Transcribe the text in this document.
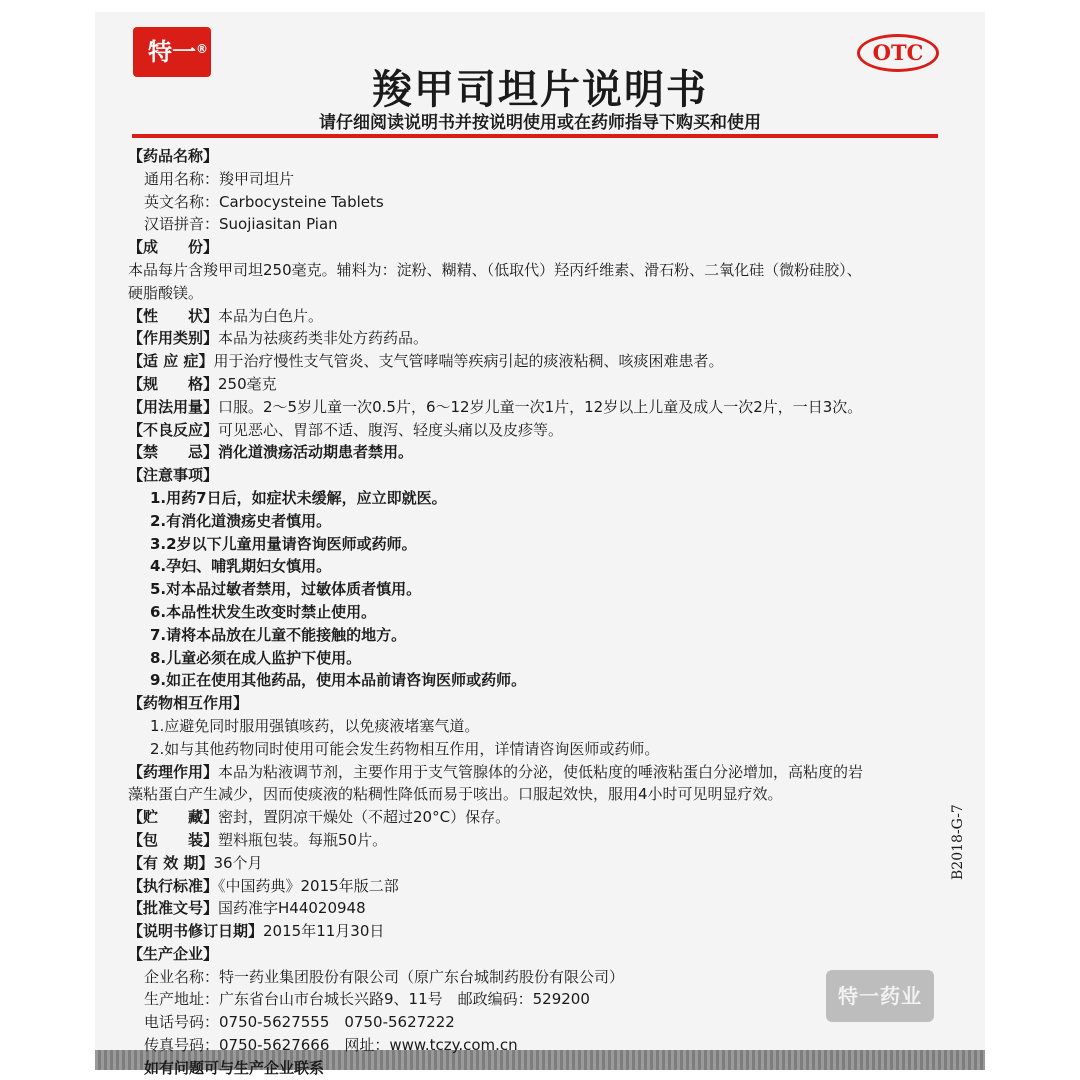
特一 ®	OTC
羧甲司坦片说明书
请仔细阅读说明书并按说明使用或在药师指导下购买和使用
【药品名称】
通用名称：羧甲司坦片
英文名称：Carbocysteine Tablets
汉语拼音：Suojiasitan Pian
【成　　份】
本品每片含羧甲司坦250毫克。辅料为：淀粉、糊精、（低取代）羟丙纤维素、滑石粉、二氧化硅（微粉硅胶）、
硬脂酸镁。
【性　　状】本品为白色片。
【作用类别】本品为祛痰药类非处方药药品。
【适 应 症】用于治疗慢性支气管炎、支气管哮喘等疾病引起的痰液粘稠、咳痰困难患者。
【规　　格】250毫克
【用法用量】口服。2～5岁儿童一次0.5片，6～12岁儿童一次1片，12岁以上儿童及成人一次2片，一日3次。
【不良反应】可见恶心、胃部不适、腹泻、轻度头痛以及皮疹等。
【禁　　忌】消化道溃疡活动期患者禁用。
【注意事项】
1.用药7日后，如症状未缓解，应立即就医。
2.有消化道溃疡史者慎用。
3.2岁以下儿童用量请咨询医师或药师。
4.孕妇、哺乳期妇女慎用。
5.对本品过敏者禁用，过敏体质者慎用。
6.本品性状发生改变时禁止使用。
7.请将本品放在儿童不能接触的地方。
8.儿童必须在成人监护下使用。
9.如正在使用其他药品，使用本品前请咨询医师或药师。
【药物相互作用】
1.应避免同时服用强镇咳药，以免痰液堵塞气道。
2.如与其他药物同时使用可能会发生药物相互作用，详情请咨询医师或药师。
【药理作用】本品为粘液调节剂，主要作用于支气管腺体的分泌，使低粘度的唾液粘蛋白分泌增加，高粘度的岩
藻粘蛋白产生减少，因而使痰液的粘稠性降低而易于咳出。口服起效快，服用4小时可见明显疗效。
【贮　　藏】密封，置阴凉干燥处（不超过20°C）保存。
【包　　装】塑料瓶包装。每瓶50片。
【有 效 期】36个月
【执行标准】《中国药典》2015年版二部
【批准文号】国药准字H44020948
【说明书修订日期】2015年11月30日
【生产企业】
企业名称：特一药业集团股份有限公司（原广东台城制药股份有限公司）
生产地址：广东省台山市台城长兴路9、11号　邮政编码：529200
电话号码：0750-5627555　0750-5627222
传真号码：0750-5627666　网址：www.tczy.com.cn
如有问题可与生产企业联系
B2018-G-7
特一药业
